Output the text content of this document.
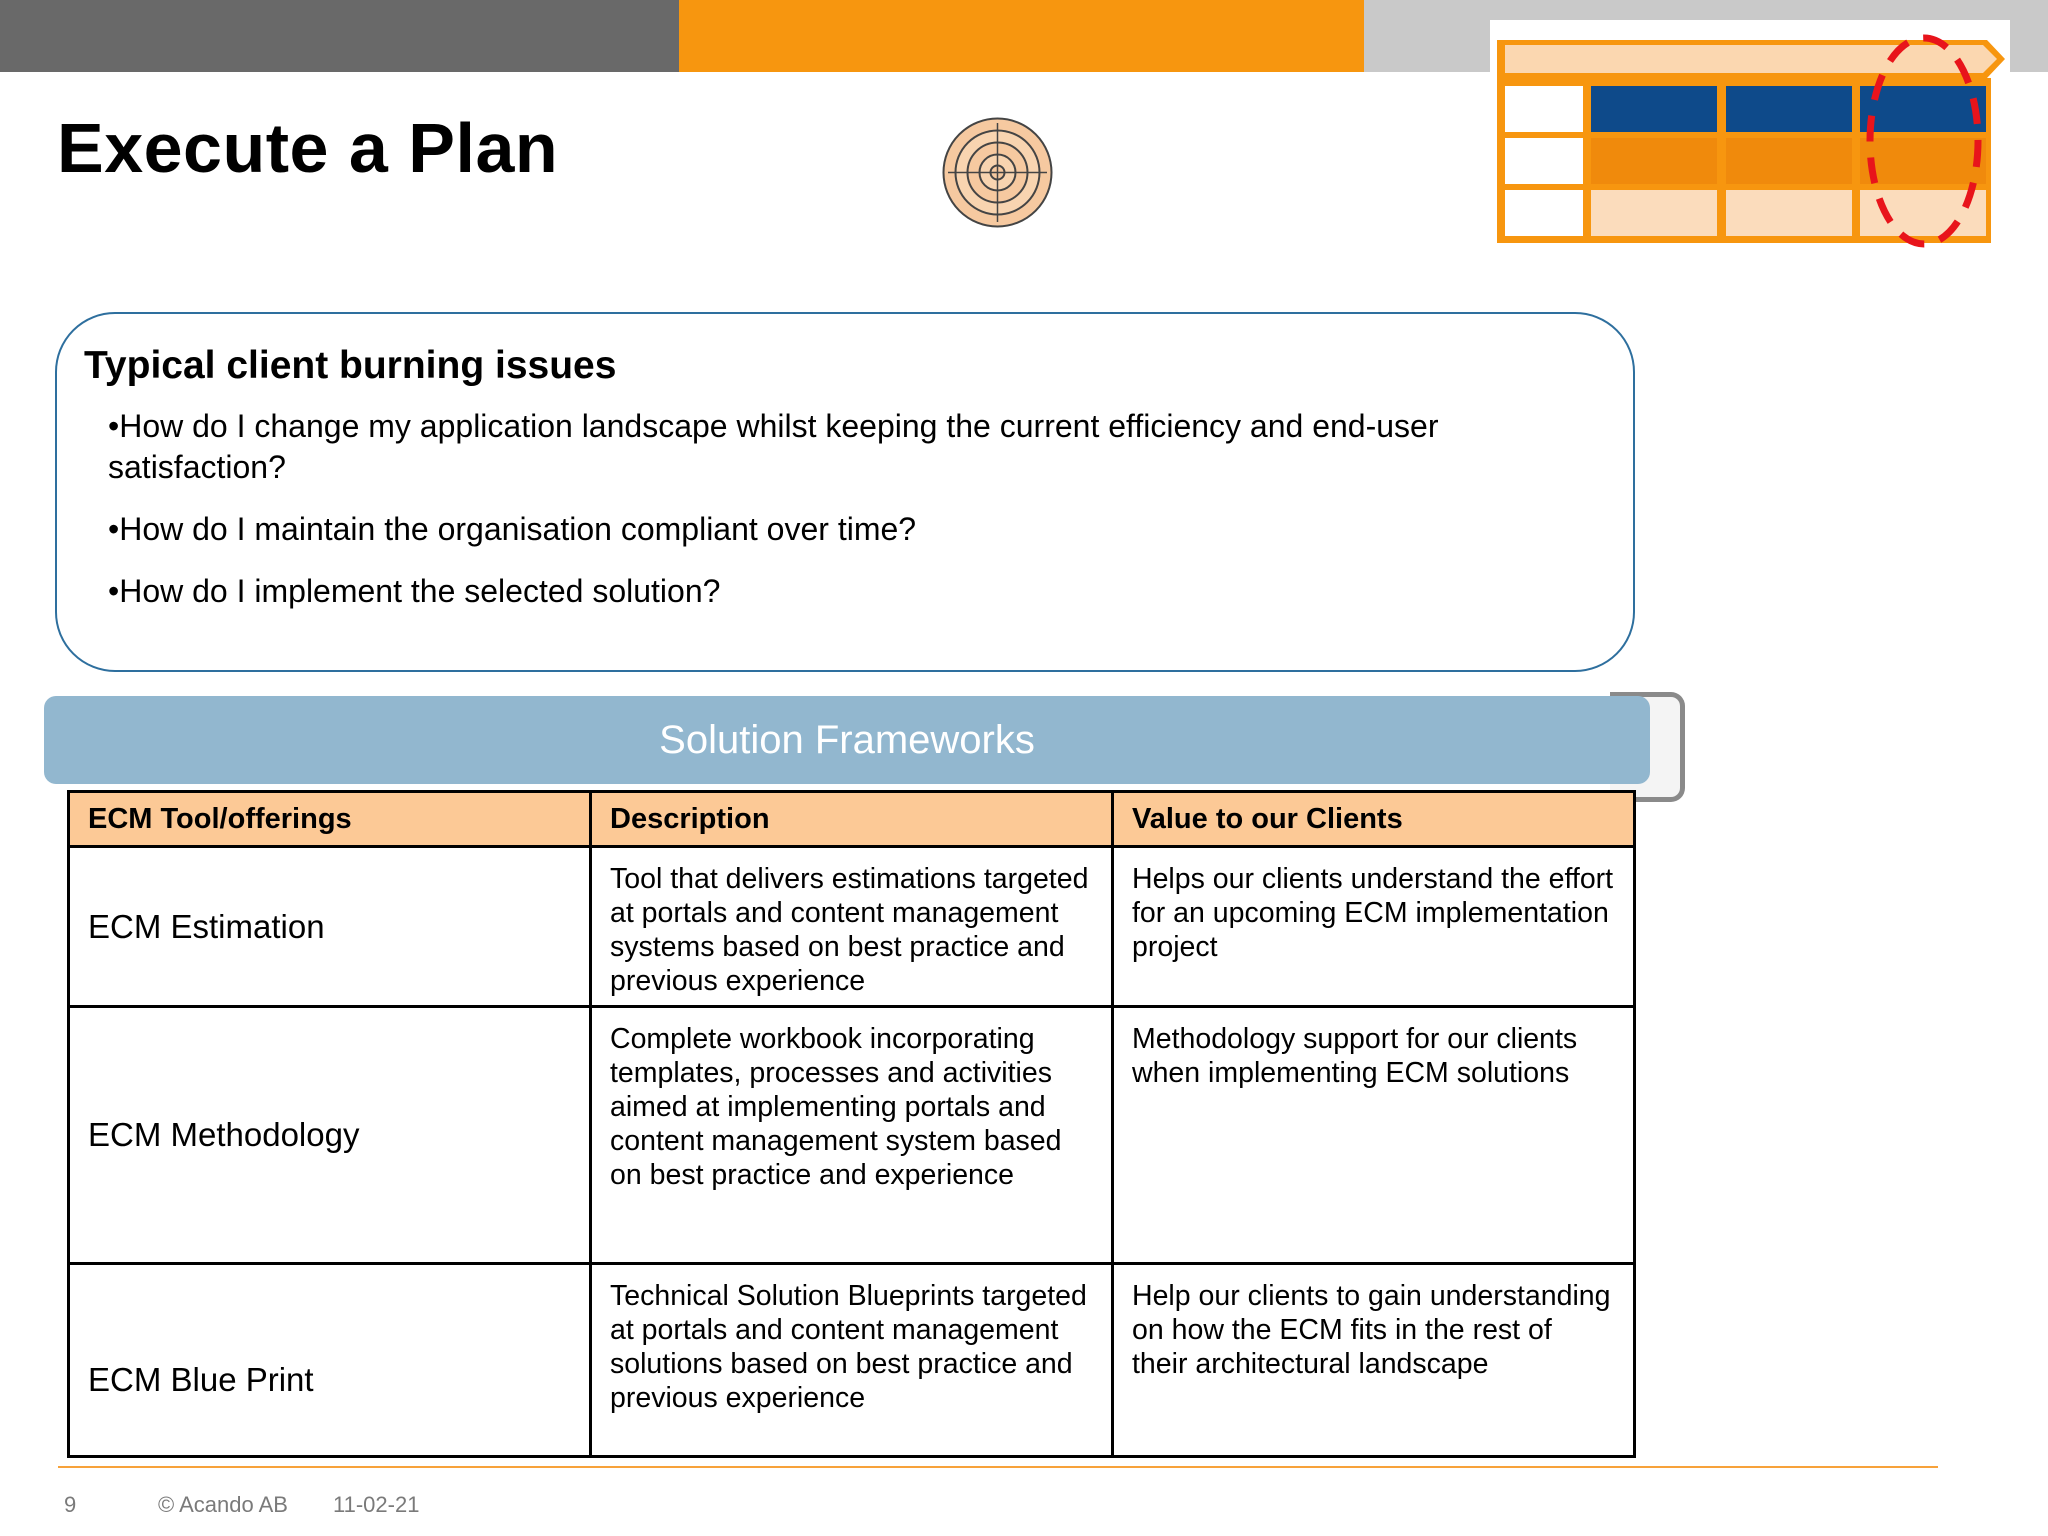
Execute a Plan
Typical client burning issues
•How do I change my application landscape whilst keeping the current efficiency and end-user satisfaction?
•How do I maintain the organisation compliant over time?
•How do I implement the selected solution?
Solution Frameworks
ECM Tool/offerings	Description	Value to our Clients
ECM Estimation	Tool that delivers estimations targeted at portals and content management systems based on best practice and previous experience	Helps our clients understand the effort for an upcoming ECM implementation project
ECM Methodology	Complete workbook incorporating templates, processes and activities aimed at implementing portals and content management system based on best practice and experience	Methodology support for our clients when implementing ECM solutions
ECM Blue Print	Technical Solution Blueprints targeted at portals and content management solutions based on best practice and previous experience	Help our clients to gain understanding on how the ECM fits in the rest of their architectural landscape
9	© Acando AB 11-02-21
